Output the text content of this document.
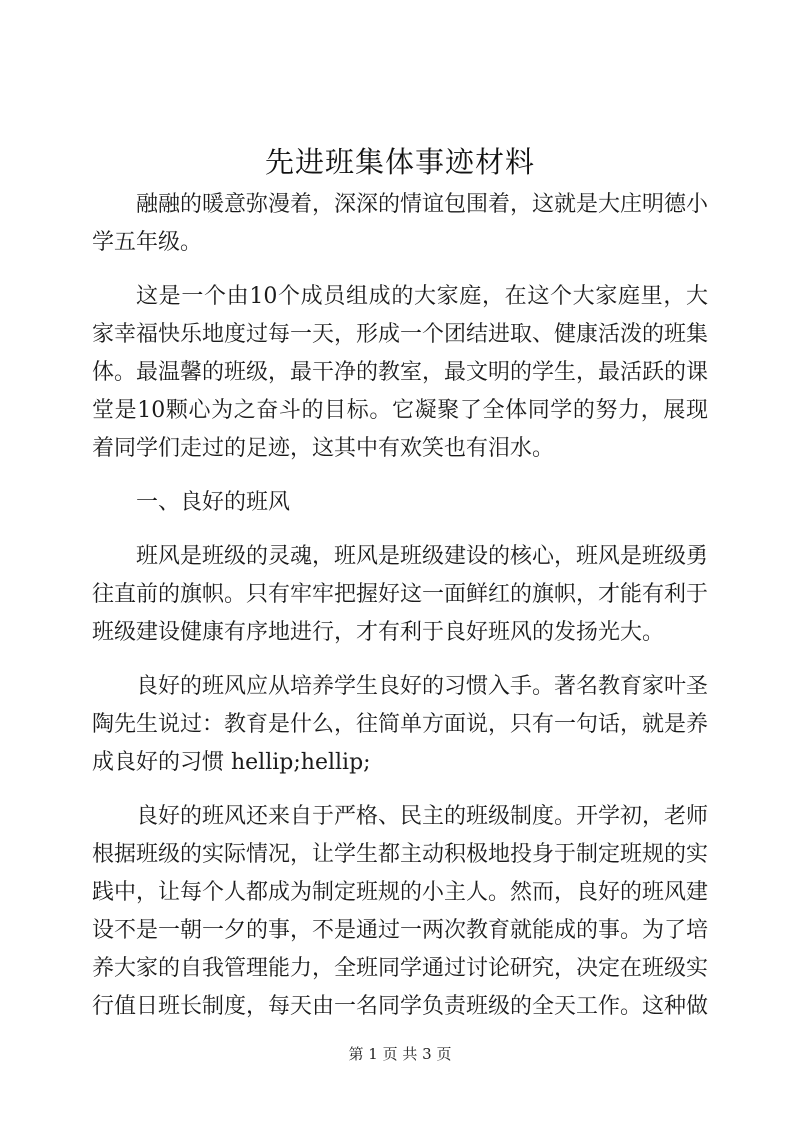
先进班集体事迹材料

融融的暖意弥漫着，深深的情谊包围着，这就是大庄明德小学五年级。

这是一个由10个成员组成的大家庭，在这个大家庭里，大家幸福快乐地度过每一天，形成一个团结进取、健康活泼的班集体。最温馨的班级，最干净的教室，最文明的学生，最活跃的课堂是10颗心为之奋斗的目标。它凝聚了全体同学的努力，展现着同学们走过的足迹，这其中有欢笑也有泪水。

一、良好的班风

班风是班级的灵魂，班风是班级建设的核心，班风是班级勇往直前的旗帜。只有牢牢把握好这一面鲜红的旗帜，才能有利于班级建设健康有序地进行，才有利于良好班风的发扬光大。

良好的班风应从培养学生良好的习惯入手。著名教育家叶圣陶先生说过：教育是什么，往简单方面说，只有一句话，就是养成良好的习惯 hellip;hellip;

良好的班风还来自于严格、民主的班级制度。开学初，老师根据班级的实际情况，让学生都主动积极地投身于制定班规的实践中，让每个人都成为制定班规的小主人。然而，良好的班风建设不是一朝一夕的事，不是通过一两次教育就能成的事。为了培养大家的自我管理能力，全班同学通过讨论研究，决定在班级实行值日班长制度，每天由一名同学负责班级的全天工作。这种做

第 1 页 共 3 页
